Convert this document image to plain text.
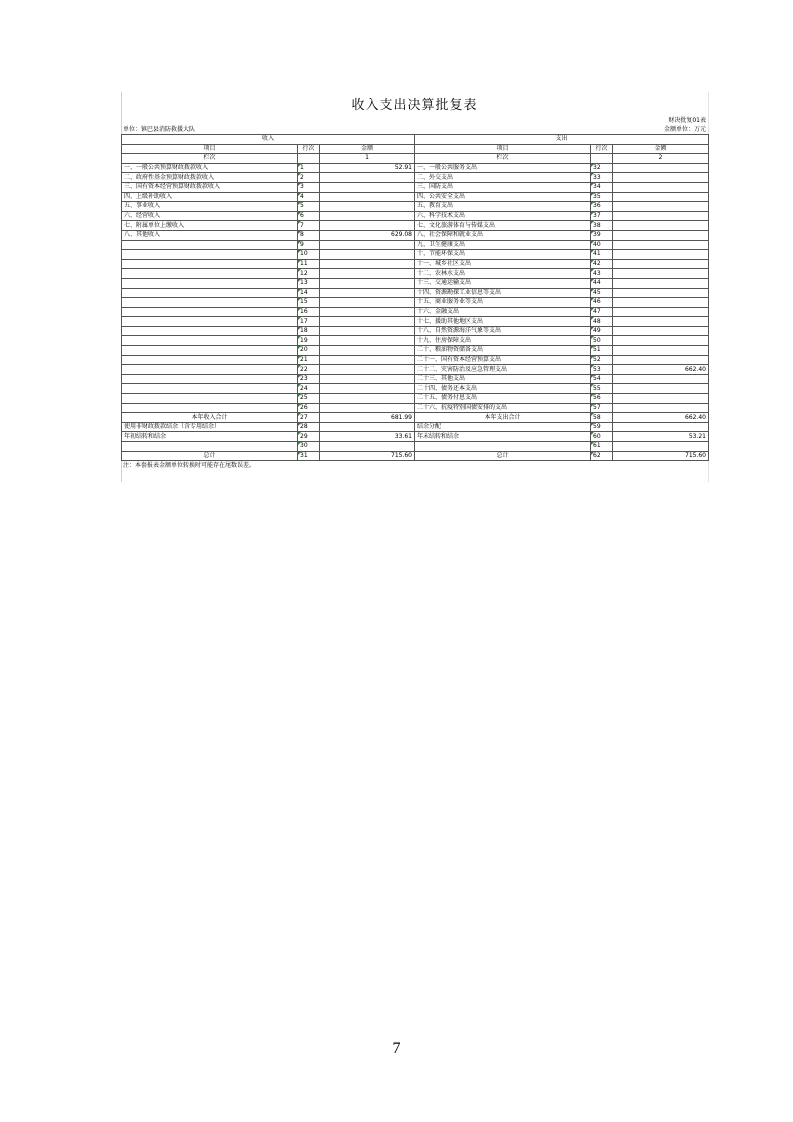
收入支出决算批复表
财决批复01表
单位：镇巴县消防救援大队	金额单位：万元
收入			支出		
项目	行次	金额	项目	行次	金额
栏次		1	栏次		2
一、一般公共预算财政拨款收入	1	52.91	一、一般公共服务支出	32	
二、政府性基金预算财政拨款收入	2		二、外交支出	33	
三、国有资本经营预算财政拨款收入	3		三、国防支出	34	
四、上级补助收入	4		四、公共安全支出	35	
五、事业收入	5		五、教育支出	36	
六、经营收入	6		六、科学技术支出	37	
七、附属单位上缴收入	7		七、文化旅游体育与传媒支出	38	
八、其他收入	8	629.08	八、社会保障和就业支出	39	
	9		九、卫生健康支出	40	
	10		十、节能环保支出	41	
	11		十一、城乡社区支出	42	
	12		十二、农林水支出	43	
	13		十三、交通运输支出	44	
	14		十四、资源勘探工业信息等支出	45	
	15		十五、商业服务业等支出	46	
	16		十六、金融支出	47	
	17		十七、援助其他地区支出	48	
	18		十八、自然资源海洋气象等支出	49	
	19		十九、住房保障支出	50	
	20		二十、粮油物资储备支出	51	
	21		二十一、国有资本经营预算支出	52	
	22		二十二、灾害防治及应急管理支出	53	662.40
	23		二十三、其他支出	54	
	24		二十四、债务还本支出	55	
	25		二十五、债务付息支出	56	
	26		二十六、抗疫特别国债安排的支出	57	
本年收入合计	27	681.99	本年支出合计	58	662.40
使用非财政拨款结余（含专用结余）	28		结余分配	59	
年初结转和结余	29	33.61	年末结转和结余	60	53.21
	30			61	
总计	31	715.60	总计	62	715.60
注：本套报表金额单位转换时可能存在尾数误差。
7
